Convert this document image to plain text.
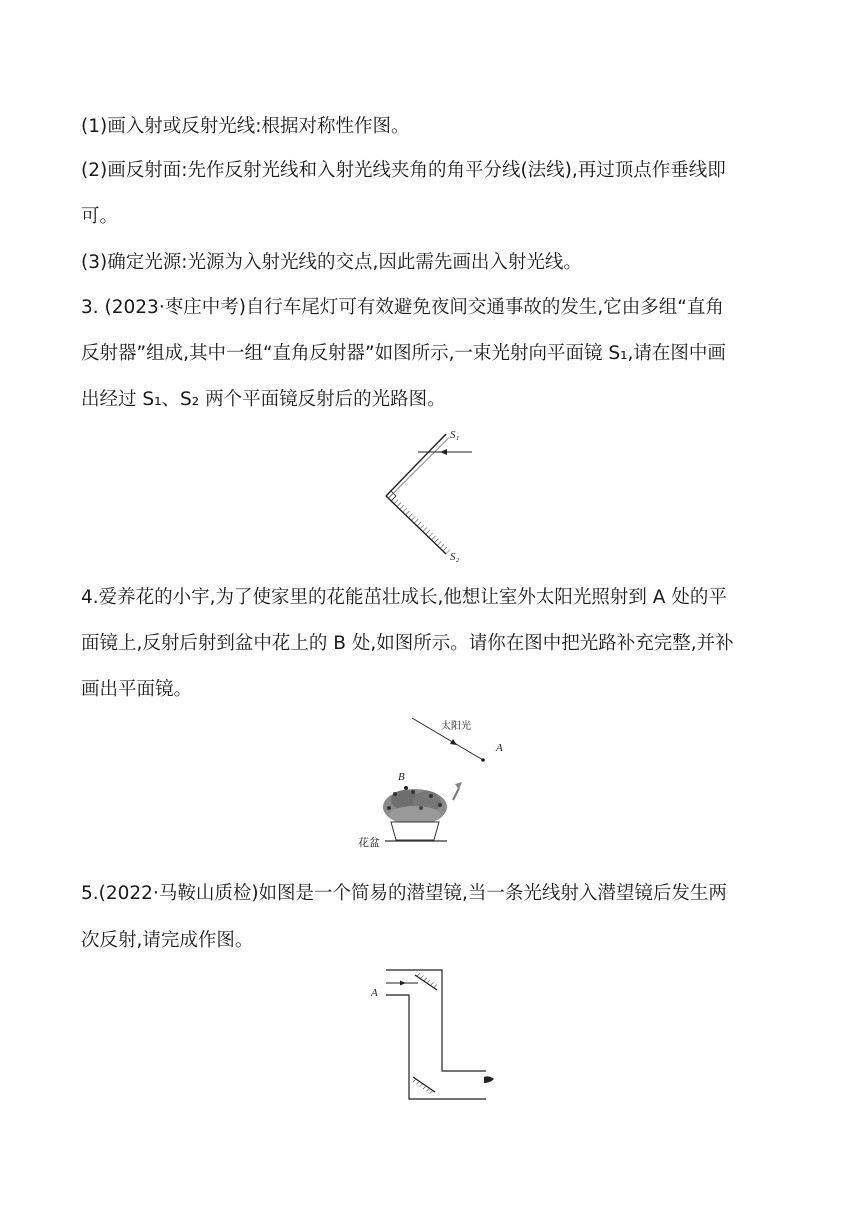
(1)画入射或反射光线:根据对称性作图。
(2)画反射面:先作反射光线和入射光线夹角的角平分线(法线),再过顶点作垂线即
可。
(3)确定光源:光源为入射光线的交点,因此需先画出入射光线。
3. (2023·枣庄中考)自行车尾灯可有效避免夜间交通事故的发生,它由多组“直角
反射器”组成,其中一组“直角反射器”如图所示,一束光射向平面镜 S₁,请在图中画
出经过 S₁、S₂ 两个平面镜反射后的光路图。
4.爱养花的小宇,为了使家里的花能茁壮成长,他想让室外太阳光照射到 A 处的平
面镜上,反射后射到盆中花上的 B 处,如图所示。请你在图中把光路补充完整,并补
画出平面镜。
5.(2022·马鞍山质检)如图是一个简易的潜望镜,当一条光线射入潜望镜后发生两
次反射,请完成作图。
S₁
S₂
太阳光
A
B
花盆
A
